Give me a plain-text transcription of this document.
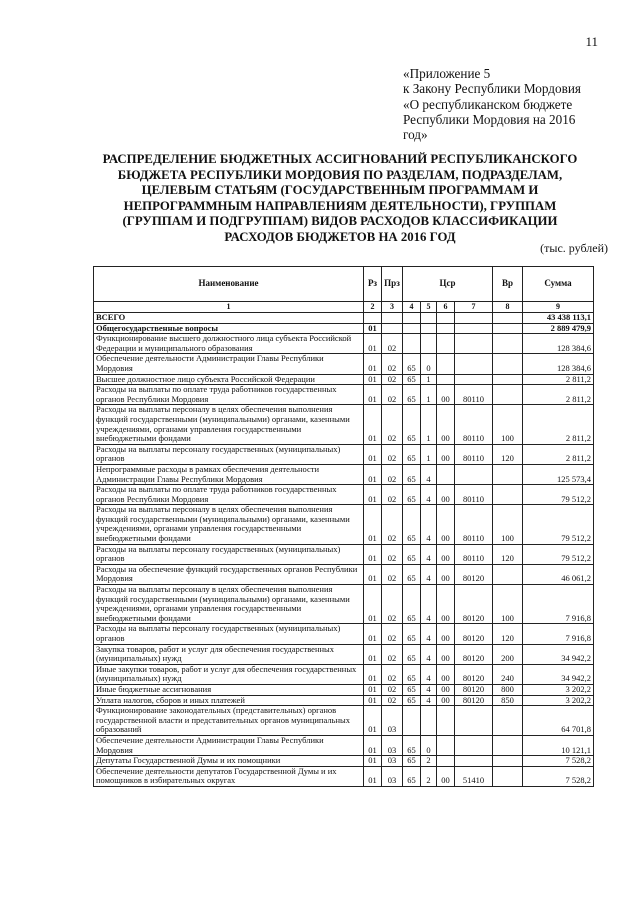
11
«Приложение 5
к Закону Республики Мордовия
«О республиканском бюджете
Республики Мордовия на 2016
год»
РАСПРЕДЕЛЕНИЕ БЮДЖЕТНЫХ АССИГНОВАНИЙ РЕСПУБЛИКАНСКОГО
БЮДЖЕТА РЕСПУБЛИКИ МОРДОВИЯ ПО РАЗДЕЛАМ, ПОДРАЗДЕЛАМ,
ЦЕЛЕВЫМ СТАТЬЯМ (ГОСУДАРСТВЕННЫМ ПРОГРАММАМ И
НЕПРОГРАММНЫМ НАПРАВЛЕНИЯМ ДЕЯТЕЛЬНОСТИ), ГРУППАМ
(ГРУППАМ И ПОДГРУППАМ) ВИДОВ РАСХОДОВ КЛАССИФИКАЦИИ
РАСХОДОВ БЮДЖЕТОВ НА 2016 ГОД
(тыс. рублей)
Наименование	Рз	Прз	Цср				Вр	Сумма
1	2	3	4	5	6	7	8	9
ВСЕГО								43 438 113,1
Общегосударственные вопросы	01							2 889 479,9
Функционирование высшего должностного лица субъекта Российской Федерации и муниципального образования	01	02						128 384,6
Обеспечение деятельности Администрации Главы Республики Мордовия	01	02	65	0				128 384,6
Высшее должностное лицо субъекта Российской Федерации	01	02	65	1				2 811,2
Расходы на выплаты по оплате труда работников государственных органов Республики Мордовия	01	02	65	1	00	80110		2 811,2
Расходы на выплаты персоналу в целях обеспечения выполнения функций государственными (муниципальными) органами, казенными учреждениями, органами управления государственными внебюджетными фондами	01	02	65	1	00	80110	100	2 811,2
Расходы на выплаты персоналу государственных (муниципальных) органов	01	02	65	1	00	80110	120	2 811,2
Непрограммные расходы в рамках обеспечения деятельности Администрации Главы Республики Мордовия	01	02	65	4				125 573,4
Расходы на выплаты по оплате труда работников государственных органов Республики Мордовия	01	02	65	4	00	80110		79 512,2
Расходы на выплаты персоналу в целях обеспечения выполнения функций государственными (муниципальными) органами, казенными учреждениями, органами управления государственными внебюджетными фондами	01	02	65	4	00	80110	100	79 512,2
Расходы на выплаты персоналу государственных (муниципальных) органов	01	02	65	4	00	80110	120	79 512,2
Расходы на обеспечение функций государственных органов Республики Мордовия	01	02	65	4	00	80120		46 061,2
Расходы на выплаты персоналу в целях обеспечения выполнения функций государственными (муниципальными) органами, казенными учреждениями, органами управления государственными внебюджетными фондами	01	02	65	4	00	80120	100	7 916,8
Расходы на выплаты персоналу государственных (муниципальных) органов	01	02	65	4	00	80120	120	7 916,8
Закупка товаров, работ и услуг для обеспечения государственных (муниципальных) нужд	01	02	65	4	00	80120	200	34 942,2
Иные закупки товаров, работ и услуг для обеспечения государственных (муниципальных) нужд	01	02	65	4	00	80120	240	34 942,2
Иные бюджетные ассигнования	01	02	65	4	00	80120	800	3 202,2
Уплата налогов, сборов и иных платежей	01	02	65	4	00	80120	850	3 202,2
Функционирование законодательных (представительных) органов государственной власти и представительных органов муниципальных образований	01	03						64 701,8
Обеспечение деятельности Администрации Главы Республики Мордовия	01	03	65	0				10 121,1
Депутаты Государственной Думы и их помощники	01	03	65	2				7 528,2
Обеспечение деятельности депутатов Государственной Думы и их помощников в избирательных округах	01	03	65	2	00	51410		7 528,2
